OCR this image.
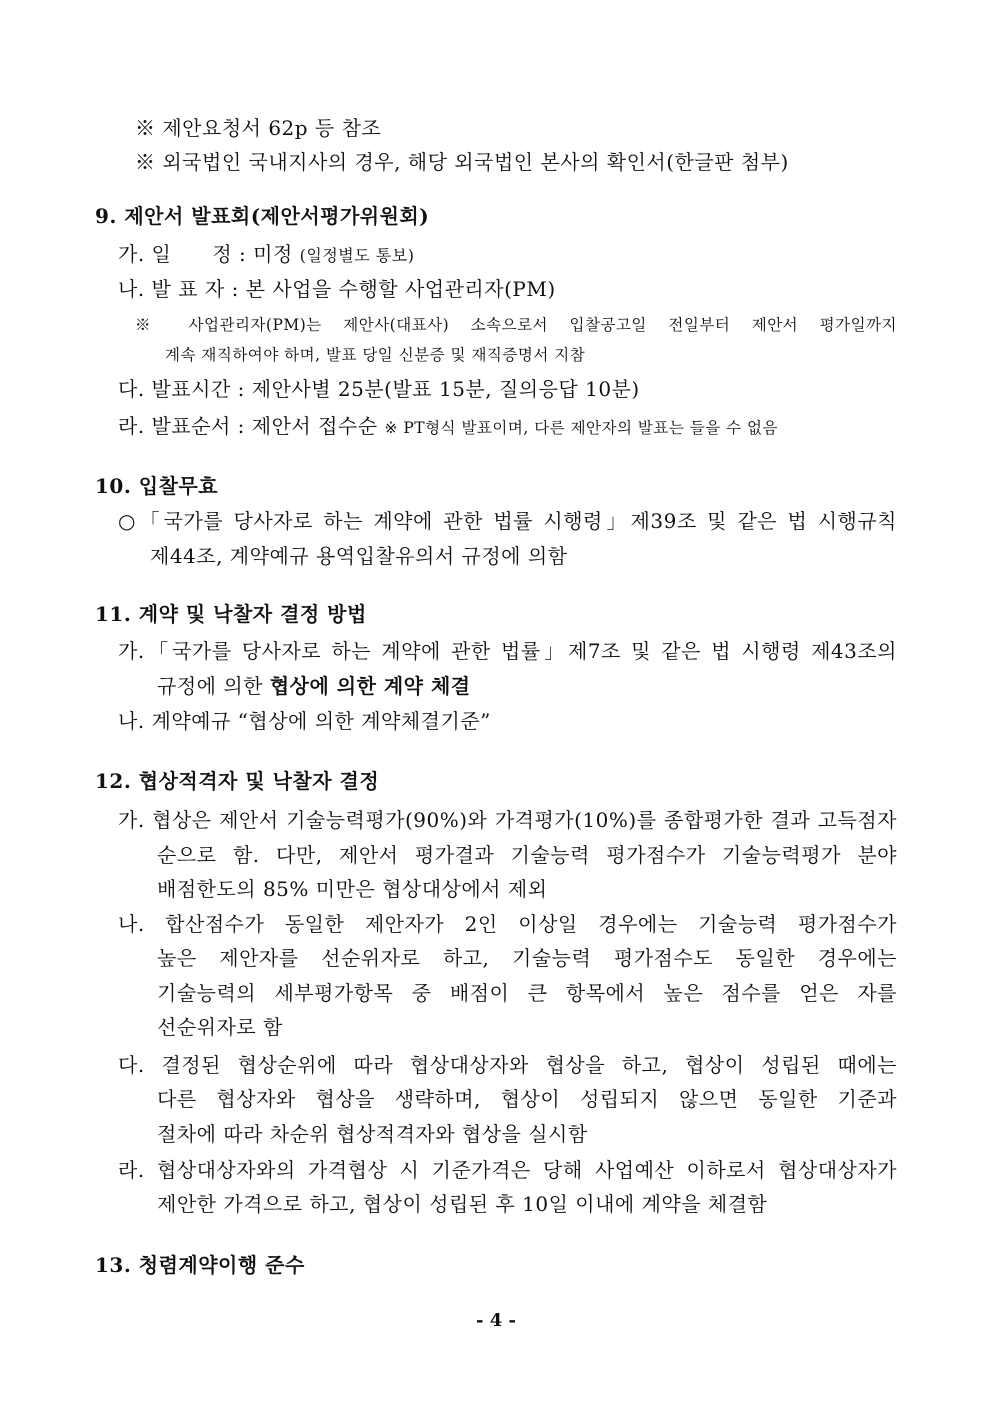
※ 제안요청서 62p 등 참조
※ 외국법인 국내지사의 경우, 해당 외국법인 본사의 확인서(한글판 첨부)
9. 제안서 발표회(제안서평가위원회)
가. 일　　정 : 미정 (일정별도 통보)
나. 발 표 자 : 본 사업을 수행할 사업관리자(PM)
※ 사업관리자(PM)는 제안사(대표사) 소속으로서 입찰공고일 전일부터 제안서 평가일까지
계속 재직하여야 하며, 발표 당일 신분증 및 재직증명서 지참
다. 발표시간 : 제안사별 25분(발표 15분, 질의응답 10분)
라. 발표순서 : 제안서 접수순 ※ PT형식 발표이며, 다른 제안자의 발표는 들을 수 없음
10. 입찰무효
○「국가를 당사자로 하는 계약에 관한 법률 시행령」제39조 및 같은 법 시행규칙
제44조, 계약예규 용역입찰유의서 규정에 의함
11. 계약 및 낙찰자 결정 방법
가.「국가를 당사자로 하는 계약에 관한 법률」제7조 및 같은 법 시행령 제43조의
규정에 의한 협상에 의한 계약 체결
나. 계약예규 “협상에 의한 계약체결기준”
12. 협상적격자 및 낙찰자 결정
가. 협상은 제안서 기술능력평가(90%)와 가격평가(10%)를 종합평가한 결과 고득점자
순으로 함. 다만, 제안서 평가결과 기술능력 평가점수가 기술능력평가 분야
배점한도의 85% 미만은 협상대상에서 제외
나. 합산점수가 동일한 제안자가 2인 이상일 경우에는 기술능력 평가점수가
높은 제안자를 선순위자로 하고, 기술능력 평가점수도 동일한 경우에는
기술능력의 세부평가항목 중 배점이 큰 항목에서 높은 점수를 얻은 자를
선순위자로 함
다. 결정된 협상순위에 따라 협상대상자와 협상을 하고, 협상이 성립된 때에는
다른 협상자와 협상을 생략하며, 협상이 성립되지 않으면 동일한 기준과
절차에 따라 차순위 협상적격자와 협상을 실시함
라. 협상대상자와의 가격협상 시 기준가격은 당해 사업예산 이하로서 협상대상자가
제안한 가격으로 하고, 협상이 성립된 후 10일 이내에 계약을 체결함
13. 청렴계약이행 준수
- 4 -
